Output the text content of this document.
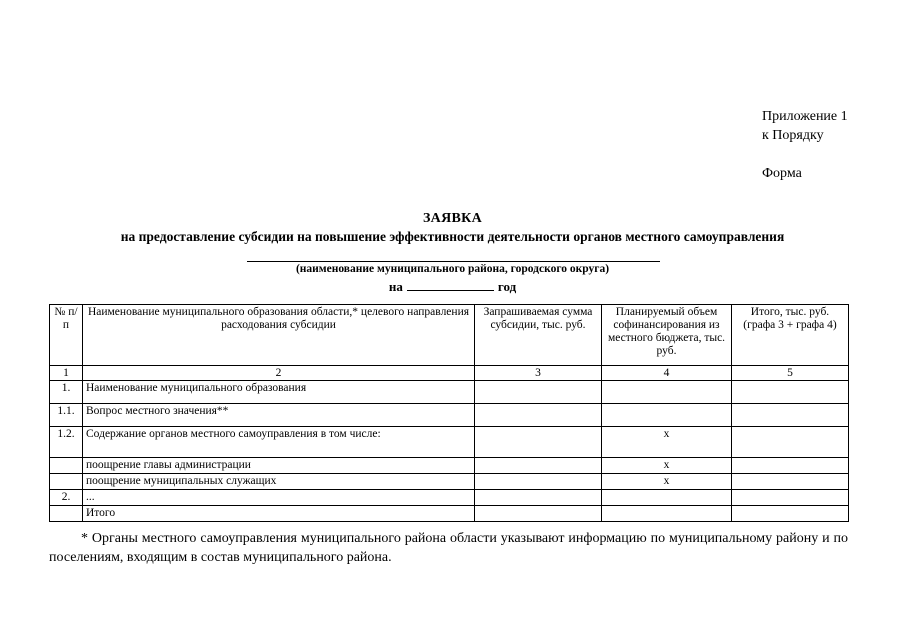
Приложение 1
к Порядку
Форма
ЗАЯВКА
на предоставление субсидии на повышение эффективности деятельности органов местного самоуправления
(наименование муниципального района, городского округа)
на	год
№ п/п	Наименование муниципального образования области,* целевого направления расходования субсидии	Запрашиваемая сумма субсидии, тыс. руб.	Планируемый объем софинансирования из местного бюджета, тыс. руб.	Итого, тыс. руб. (графа 3 + графа 4)
1	2	3	4	5
1.	Наименование муниципального образования			
1.1.	Вопрос местного значения**			
1.2.	Содержание органов местного самоуправления в том числе:		х	
	поощрение главы администрации		х	
	поощрение муниципальных служащих		х	
2.	...			
	Итого			
* Органы местного самоуправления муниципального района области указывают информацию по муниципальному району и по поселениям, входящим в состав муниципального района.
